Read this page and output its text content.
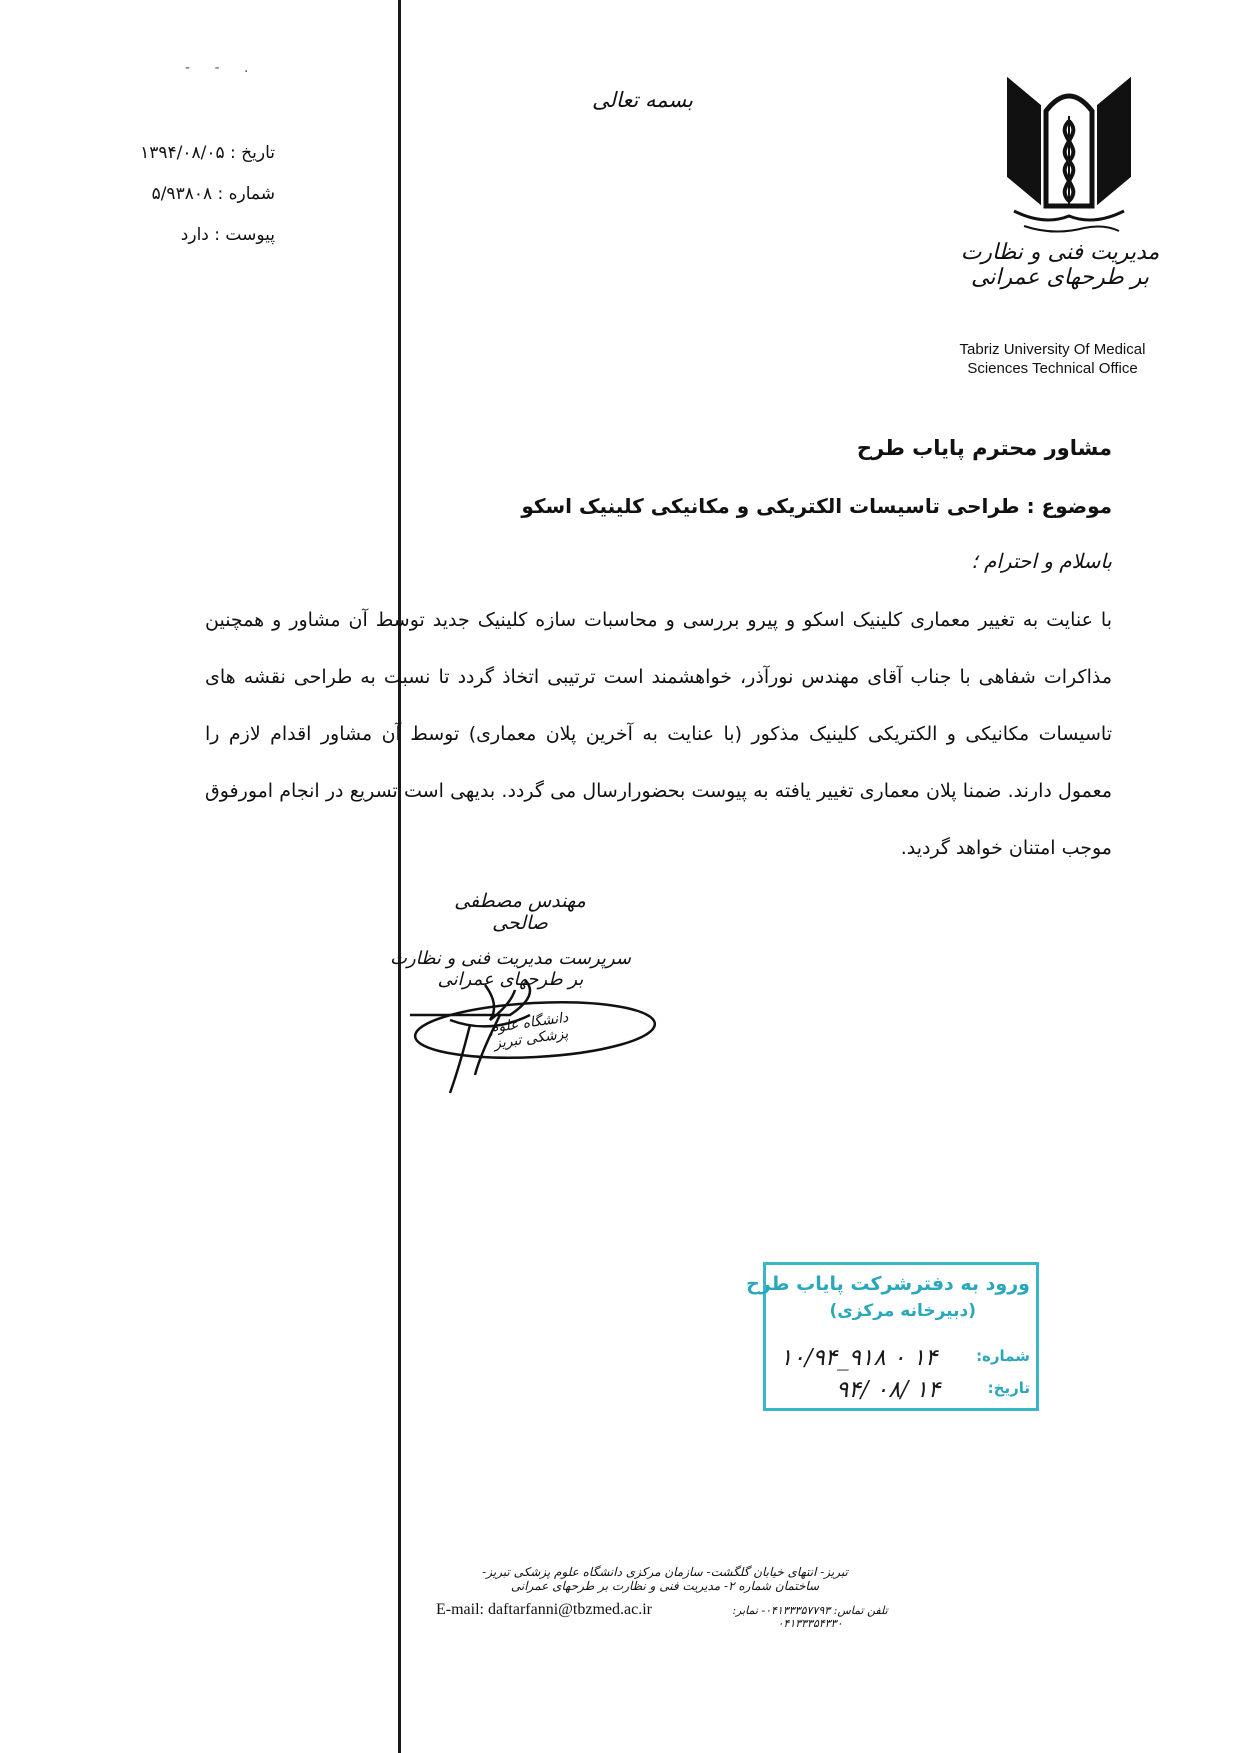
- - .
بسمه تعالی
تاریخ : ۱۳۹۴/۰۸/۰۵
شماره : ۵/۹۳۸۰۸
پیوست : دارد
مدیریت فنی و نظارت بر طرحهای عمرانی
Tabriz University Of Medical
Sciences Technical Office
مشاور محترم پایاب طرح
موضوع : طراحی تاسیسات الکتریکی و مکانیکی کلینیک اسکو
باسلام و احترام ؛
با عنایت به تغییر معماری کلینیک اسکو و پیرو بررسی و محاسبات سازه کلینیک جدید توسط آن مشاور و همچنین مذاکرات شفاهی با جناب آقای مهندس نورآذر، خواهشمند است ترتیبی اتخاذ گردد تا نسبت به طراحی نقشه های تاسیسات مکانیکی و الکتریکی کلینیک مذکور (با عنایت به آخرین پلان معماری) توسط آن مشاور اقدام لازم را معمول دارند. ضمنا پلان معماری تغییر یافته به پیوست بحضورارسال می گردد. بدیهی است تسریع در انجام امورفوق موجب امتنان خواهد گردید.
مهندس مصطفی صالحی
سرپرست مدیریت فنی و نظارت بر طرحهای عمرانی
دانشگاه علوم پزشکی تبریز
ورود به دفترشرکت پایاب طرح
(دبیرخانه مرکزی)
شماره:
۱۰/۹۴_۹۱۸ ۰ ۱۴
تاریخ:
۹۴/ ۰۸/ ۱۴
تبریز- انتهای خیابان گلگشت- سازمان مرکزی دانشگاه علوم پزشکی تبریز- ساختمان شماره ۲- مدیریت فنی و نظارت بر طرحهای عمرانی
E-mail: daftarfanni@tbzmed.ac.ir	تلفن تماس: ۰۴۱۳۳۳۵۷۷۹۳- نمابر: ۰۴۱۳۳۳۵۴۳۳۰
